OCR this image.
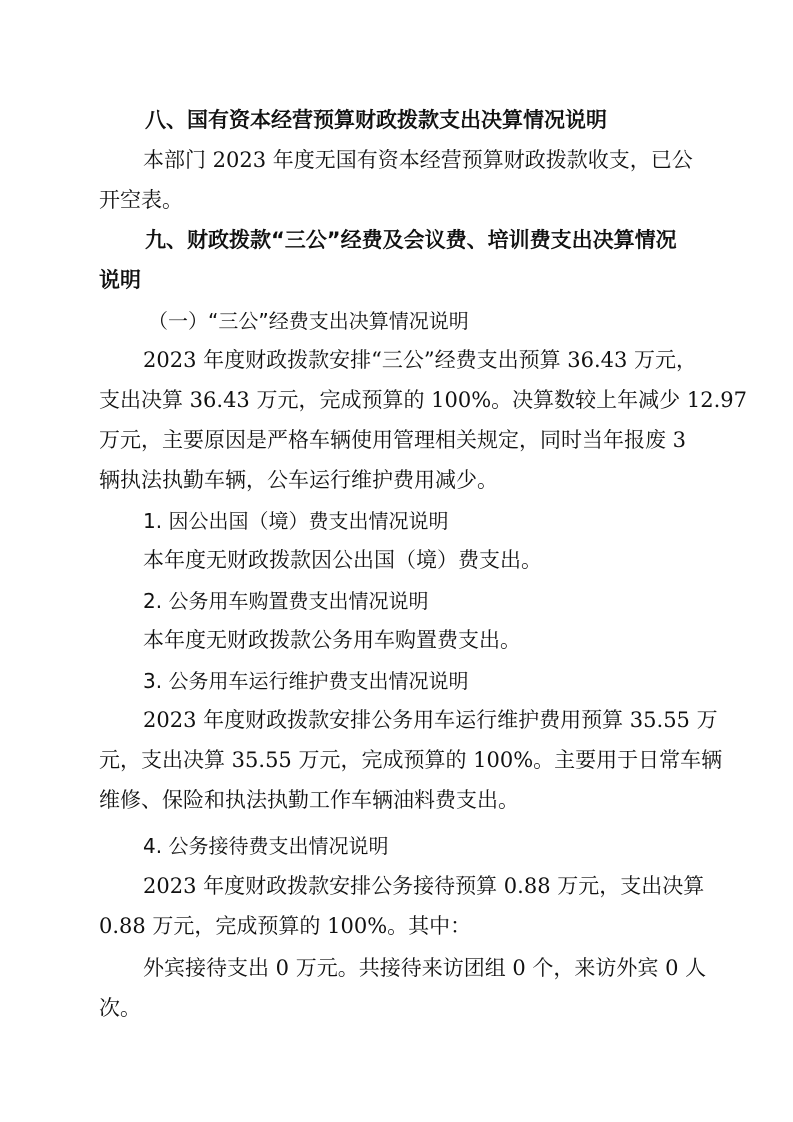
八、国有资本经营预算财政拨款支出决算情况说明
本部门 2023 年度无国有资本经营预算财政拨款收支，已公
开空表。
九、财政拨款“三公”经费及会议费、培训费支出决算情况
说明
（一）“三公”经费支出决算情况说明
2023 年度财政拨款安排“三公”经费支出预算 36.43 万元，
支出决算 36.43 万元，完成预算的 100%。决算数较上年减少 12.97
万元，主要原因是严格车辆使用管理相关规定，同时当年报废 3
辆执法执勤车辆，公车运行维护费用减少。
1. 因公出国（境）费支出情况说明
本年度无财政拨款因公出国（境）费支出。
2. 公务用车购置费支出情况说明
本年度无财政拨款公务用车购置费支出。
3. 公务用车运行维护费支出情况说明
2023 年度财政拨款安排公务用车运行维护费用预算 35.55 万
元，支出决算 35.55 万元，完成预算的 100%。主要用于日常车辆
维修、保险和执法执勤工作车辆油料费支出。
4. 公务接待费支出情况说明
2023 年度财政拨款安排公务接待预算 0.88 万元，支出决算
0.88 万元，完成预算的 100%。其中：
外宾接待支出 0 万元。共接待来访团组 0 个，来访外宾 0 人
次。
